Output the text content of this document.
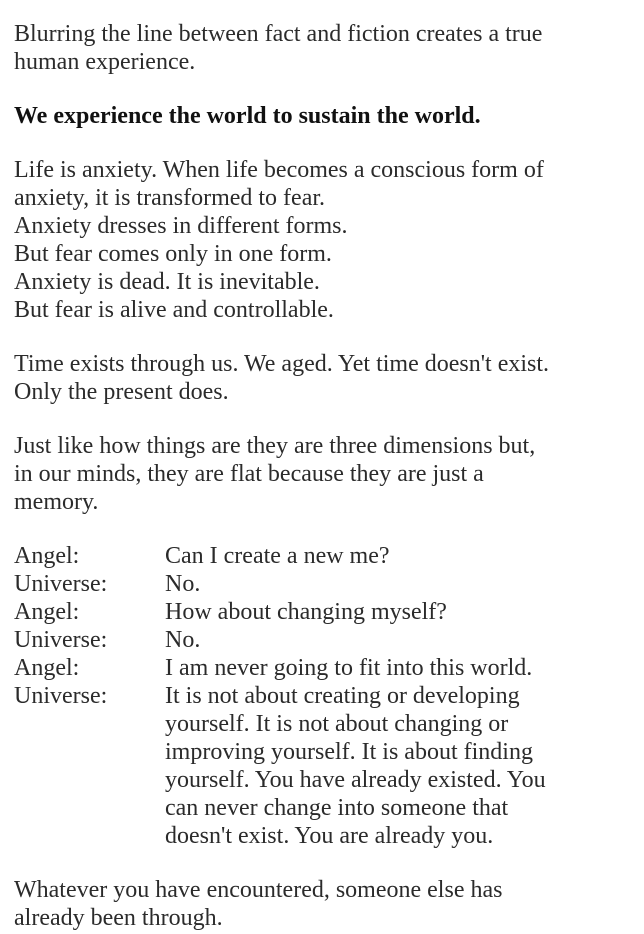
Blurring the line between fact and fiction creates a true
human experience.
We experience the world to sustain the world.
Life is anxiety. When life becomes a conscious form of
anxiety, it is transformed to fear.
Anxiety dresses in different forms.
But fear comes only in one form.
Anxiety is dead. It is inevitable.
But fear is alive and controllable.
Time exists through us. We aged. Yet time doesn't exist.
Only the present does.
Just like how things are they are three dimensions but,
in our minds, they are flat because they are just a
memory.
Angel:	Can I create a new me?
Universe:	No.
Angel:	How about changing myself?
Universe:	No.
Angel:	I am never going to fit into this world.
Universe:	It is not about creating or developing
yourself. It is not about changing or
improving yourself. It is about finding
yourself. You have already existed. You
can never change into someone that
doesn't exist. You are already you.
Whatever you have encountered, someone else has
already been through.
